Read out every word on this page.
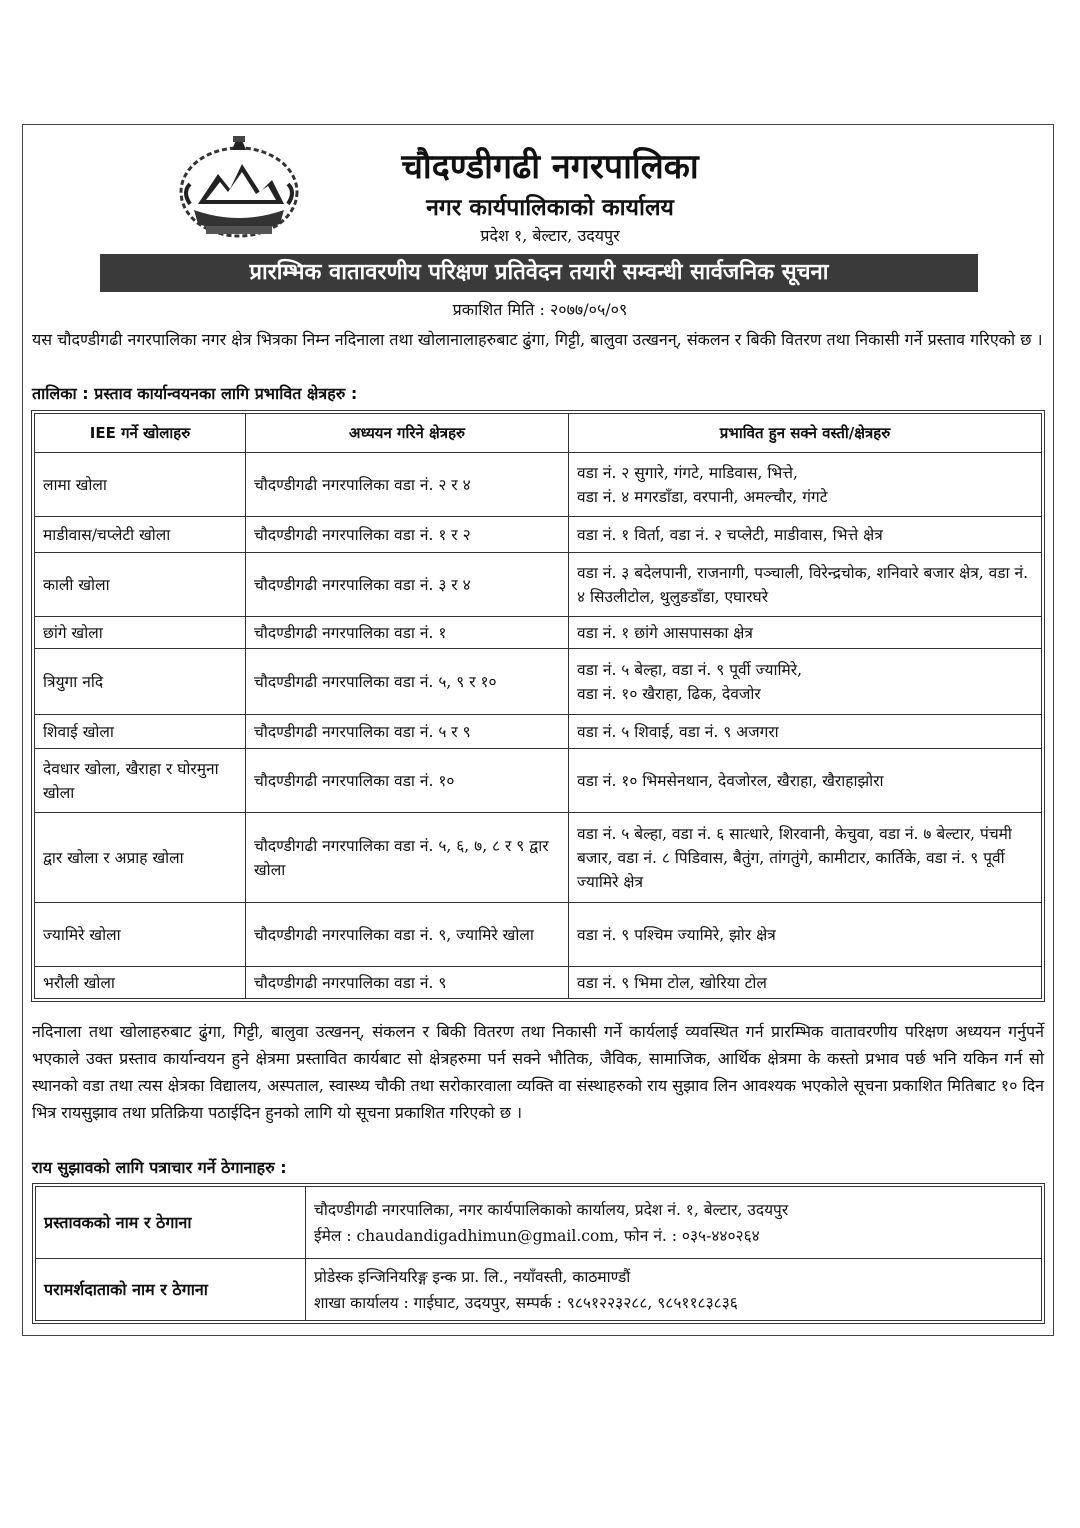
चौदण्डीगढी नगरपालिका
नगर कार्यपालिकाको कार्यालय
प्रदेश १, बेल्टार, उदयपुर
प्रारम्भिक वातावरणीय परिक्षण प्रतिवेदन तयारी सम्वन्धी सार्वजनिक सूचना
प्रकाशित मिति : २०७७/०५/०९
यस चौदण्डीगढी नगरपालिका नगर क्षेत्र भित्रका निम्न नदिनाला तथा खोलानालाहरुबाट ढुंगा, गिट्टी, बालुवा उत्खनन्, संकलन र बिकी वितरण तथा निकासी गर्ने प्रस्ताव गरिएको छ ।
तालिका : प्रस्ताव कार्यान्वयनका लागि प्रभावित क्षेत्रहरु :
IEE गर्ने खोलाहरु	अध्ययन गरिने क्षेत्रहरु	प्रभावित हुन सक्ने वस्ती/क्षेत्रहरु
लामा खोला	चौदण्डीगढी नगरपालिका वडा नं. २ र ४	वडा नं. २ सुगारे, गंगटे, माडिवास, भित्ते,
वडा नं. ४ मगरडाँडा, वरपानी, अमल्चौर, गंगटे
माडीवास/चप्लेटी खोला	चौदण्डीगढी नगरपालिका वडा नं. १ र २	वडा नं. १ विर्ता, वडा नं. २ चप्लेटी, माडीवास, भित्ते क्षेत्र
काली खोला	चौदण्डीगढी नगरपालिका वडा नं. ३ र ४	वडा नं. ३ बदेलपानी, राजनागी, पञ्चाली, विरेन्द्रचोक, शनिवारे बजार क्षेत्र, वडा नं. ४ सिउलीटोल, थुलुङडाँडा, एघारघरे
छांगे खोला	चौदण्डीगढी नगरपालिका वडा नं. १	वडा नं. १ छांगे आसपासका क्षेत्र
त्रियुगा नदि	चौदण्डीगढी नगरपालिका वडा नं. ५, ९ र १०	वडा नं. ५ बेल्हा, वडा नं. ९ पूर्वी ज्यामिरे,
वडा नं. १० खैराहा, ढिक, देवजोर
शिवाई खोला	चौदण्डीगढी नगरपालिका वडा नं. ५ र ९	वडा नं. ५ शिवाई, वडा नं. ९ अजगरा
देवधार खोला, खैराहा र घोरमुना खोला	चौदण्डीगढी नगरपालिका वडा नं. १०	वडा नं. १० भिमसेनथान, देवजोरल, खैराहा, खैराहाझोरा
द्वार खोला र अप्राह खोला	चौदण्डीगढी नगरपालिका वडा नं. ५, ६, ७, ८ र ९ द्वार खोला	वडा नं. ५ बेल्हा, वडा नं. ६ सात्धारे, शिरवानी, केचुवा, वडा नं. ७ बेल्टार, पंचमी बजार, वडा नं. ८ पिडिवास, बैतुंग, तांगतुंगे, कामीटार, कार्तिके, वडा नं. ९ पूर्वी ज्यामिरे क्षेत्र
ज्यामिरे खोला	चौदण्डीगढी नगरपालिका वडा नं. ९, ज्यामिरे खोला	वडा नं. ९ पश्चिम ज्यामिरे, झोर क्षेत्र
भरौली खोला	चौदण्डीगढी नगरपालिका वडा नं. ९	वडा नं. ९ भिमा टोल, खोरिया टोल
नदिनाला तथा खोलाहरुबाट ढुंगा, गिट्टी, बालुवा उत्खनन्, संकलन र बिकी वितरण तथा निकासी गर्ने कार्यलाई व्यवस्थित गर्न प्रारम्भिक वातावरणीय परिक्षण अध्ययन गर्नुपर्ने भएकाले उक्त प्रस्ताव कार्यान्वयन हुने क्षेत्रमा प्रस्तावित कार्यबाट सो क्षेत्रहरुमा पर्न सक्ने भौतिक, जैविक, सामाजिक, आर्थिक क्षेत्रमा के कस्तो प्रभाव पर्छ भनि यकिन गर्न सो स्थानको वडा तथा त्यस क्षेत्रका विद्यालय, अस्पताल, स्वास्थ्य चौकी तथा सरोकारवाला व्यक्ति वा संस्थाहरुको राय सुझाव लिन आवश्यक भएकोले सूचना प्रकाशित मितिबाट १० दिन भित्र रायसुझाव तथा प्रतिक्रिया पठाईदिन हुनको लागि यो सूचना प्रकाशित गरिएको छ ।
राय सुझावको लागि पत्राचार गर्ने ठेगानाहरु :
प्रस्तावकको नाम र ठेगाना	चौदण्डीगढी नगरपालिका, नगर कार्यपालिकाको कार्यालय, प्रदेश नं. १, बेल्टार, उदयपुर
ईमेल : chaudandigadhimun@gmail.com, फोन नं. : ०३५-४४०२६४

परामर्शदाताको नाम र ठेगाना	प्रोडेस्क इन्जिनियरिङ्ग इन्क प्रा. लि., नयाँवस्ती, काठमाण्डौं
शाखा कार्यालय : गाईघाट, उदयपुर, सम्पर्क : ९८५१२२३२८८, ९८५११८३८३६
